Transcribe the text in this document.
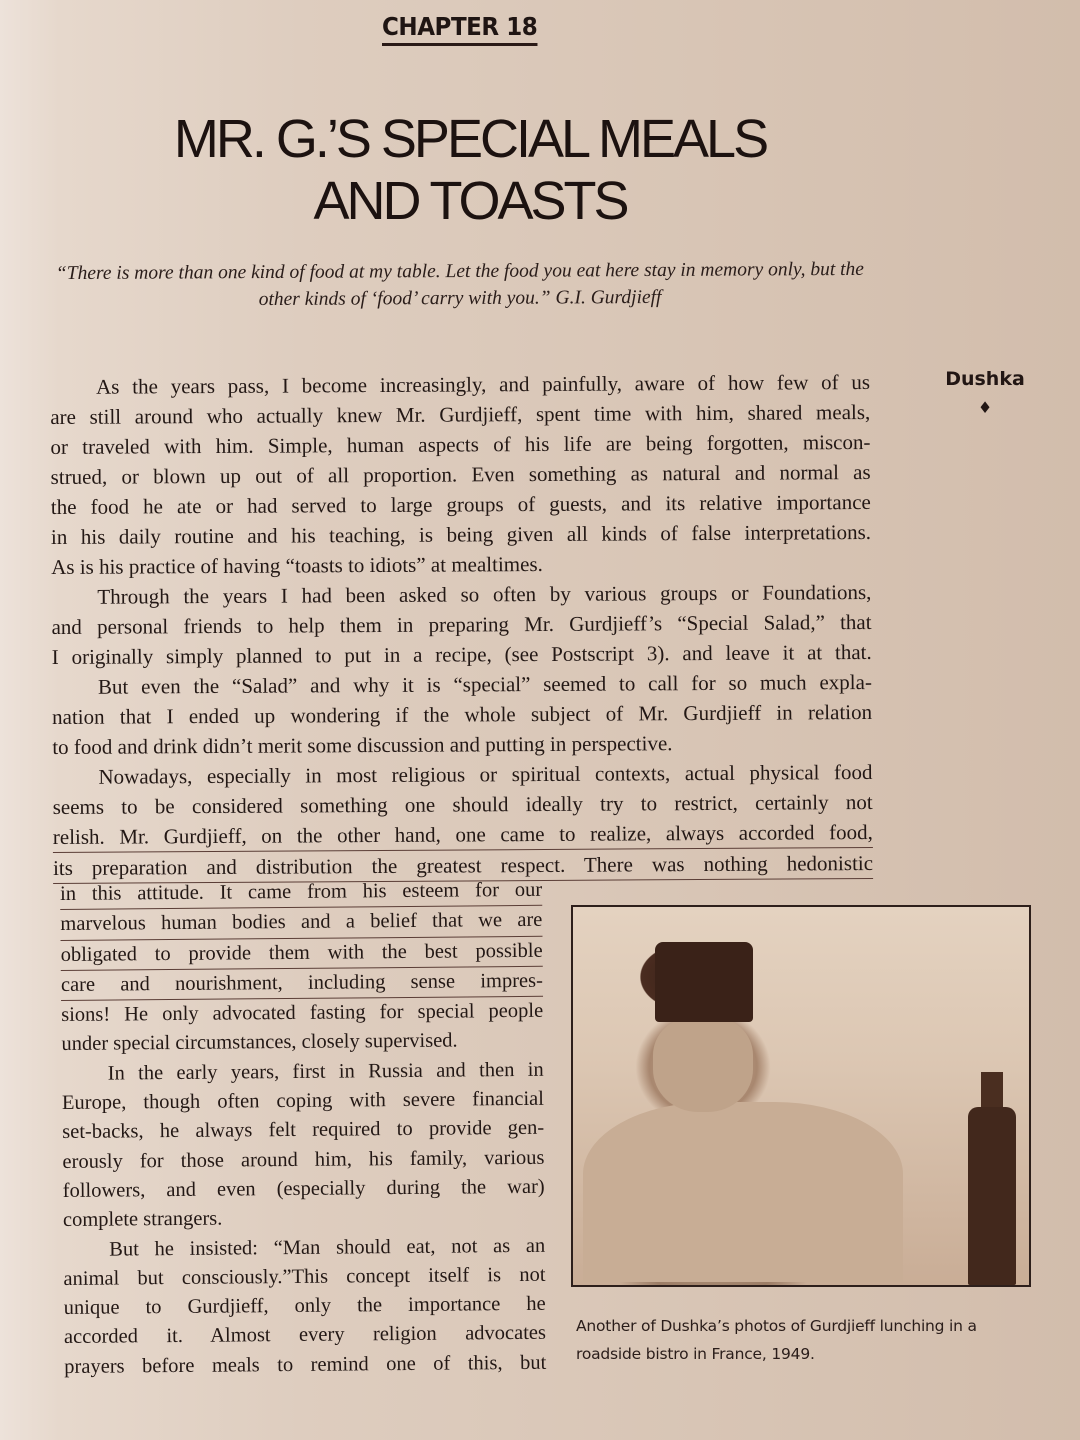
CHAPTER 18
MR. G.’S SPECIAL MEALS
AND TOASTS
“There is more than one kind of food at my table. Let the food you eat here stay in memory only, but the other kinds of ‘food’ carry with you.” G.I. Gurdjieff
Dushka
♦
As the years pass, I become increasingly, and painfully, aware of how few of us
are still around who actually knew Mr. Gurdjieff, spent time with him, shared meals,
or traveled with him. Simple, human aspects of his life are being forgotten, miscon-
strued, or blown up out of all proportion. Even something as natural and normal as
the food he ate or had served to large groups of guests, and its relative importance
in his daily routine and his teaching, is being given all kinds of false interpretations.
As is his practice of having “toasts to idiots” at mealtimes.
Through the years I had been asked so often by various groups or Foundations,
and personal friends to help them in preparing Mr. Gurdjieff’s “Special Salad,” that
I originally simply planned to put in a recipe, (see Postscript 3). and leave it at that.
But even the “Salad” and why it is “special” seemed to call for so much expla-
nation that I ended up wondering if the whole subject of Mr. Gurdjieff in relation
to food and drink didn’t merit some discussion and putting in perspective.
Nowadays, especially in most religious or spiritual contexts, actual physical food
seems to be considered something one should ideally try to restrict, certainly not
relish. Mr. Gurdjieff, on the other hand, one came to realize, always accorded food,
its preparation and distribution the greatest respect. There was nothing hedonistic
in this attitude. It came from his esteem for our
marvelous human bodies and a belief that we are
obligated to provide them with the best possible
care and nourishment, including sense impres-
sions! He only advocated fasting for special people
under special circumstances, closely supervised.
In the early years, first in Russia and then in
Europe, though often coping with severe financial
set-backs, he always felt required to provide gen-
erously for those around him, his family, various
followers, and even (especially during the war)
complete strangers.
But he insisted: “Man should eat, not as an
animal but consciously.”This concept itself is not
unique to Gurdjieff, only the importance he
accorded it. Almost every religion advocates
prayers before meals to remind one of this, but
Another of Dushka’s photos of Gurdjieff lunching in a
roadside bistro in France, 1949.
